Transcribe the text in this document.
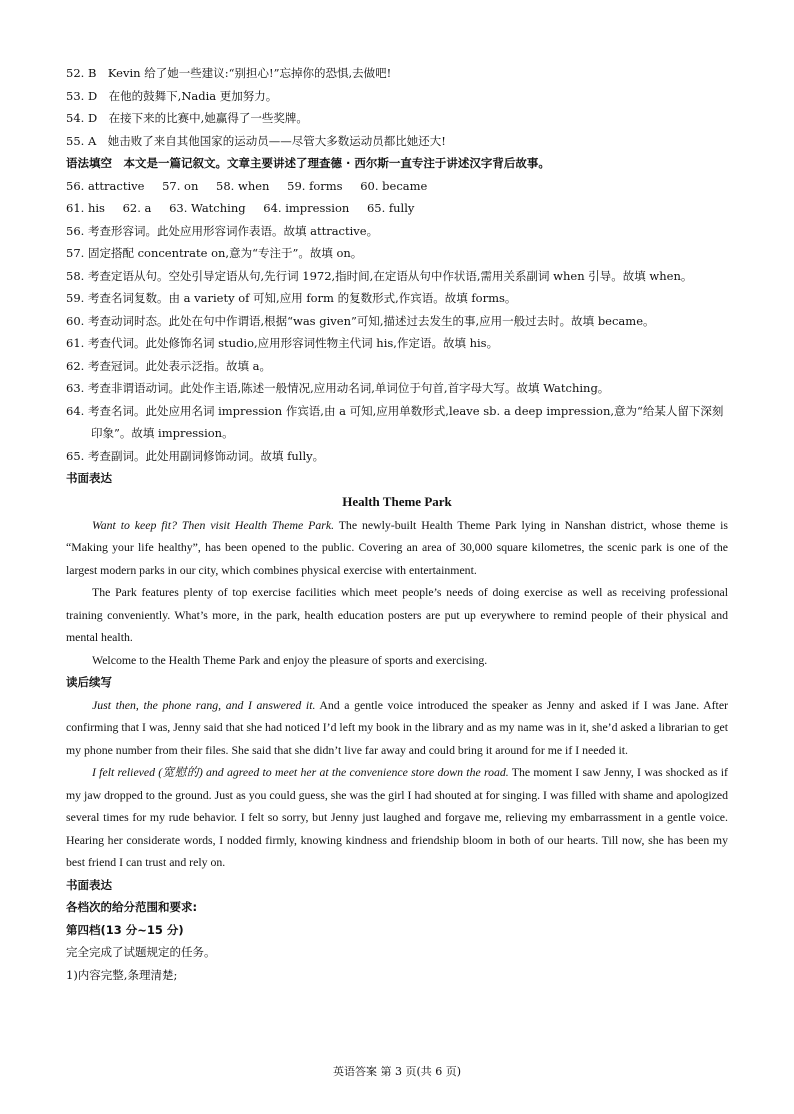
52. B　Kevin 给了她一些建议:“别担心!”忘掉你的恐惧,去做吧!
53. D　在他的鼓舞下,Nadia 更加努力。
54. D　在接下来的比赛中,她赢得了一些奖牌。
55. A　她击败了来自其他国家的运动员——尽管大多数运动员都比她还大!
语法填空　本文是一篇记叙文。文章主要讲述了理查德 · 西尔斯一直专注于讲述汉字背后故事。
56. attractive 57. on 58. when 59. forms 60. became
61. his 62. a 63. Watching 64. impression 65. fully
56. 考查形容词。此处应用形容词作表语。故填 attractive。
57. 固定搭配 concentrate on,意为“专注于”。故填 on。
58. 考查定语从句。空处引导定语从句,先行词 1972,指时间,在定语从句中作状语,需用关系副词 when 引导。故填 when。
59. 考查名词复数。由 a variety of 可知,应用 form 的复数形式,作宾语。故填 forms。
60. 考查动词时态。此处在句中作谓语,根据“was given”可知,描述过去发生的事,应用一般过去时。故填 became。
61. 考查代词。此处修饰名词 studio,应用形容词性物主代词 his,作定语。故填 his。
62. 考查冠词。此处表示泛指。故填 a。
63. 考查非谓语动词。此处作主语,陈述一般情况,应用动名词,单词位于句首,首字母大写。故填 Watching。
64. 考查名词。此处应用名词 impression 作宾语,由 a 可知,应用单数形式,leave sb. a deep impression,意为“给某人留下深刻印象”。故填 impression。
65. 考查副词。此处用副词修饰动词。故填 fully。
书面表达
Health Theme Park
Want to keep fit? Then visit Health Theme Park. The newly-built Health Theme Park lying in Nanshan district, whose theme is “Making your life healthy”, has been opened to the public. Covering an area of 30,000 square kilometres, the scenic park is one of the largest modern parks in our city, which combines physical exercise with entertainment.
The Park features plenty of top exercise facilities which meet people’s needs of doing exercise as well as receiving professional training conveniently. What’s more, in the park, health education posters are put up everywhere to remind people of their physical and mental health.
Welcome to the Health Theme Park and enjoy the pleasure of sports and exercising.
读后续写
Just then, the phone rang, and I answered it. And a gentle voice introduced the speaker as Jenny and asked if I was Jane. After confirming that I was, Jenny said that she had noticed I’d left my book in the library and as my name was in it, she’d asked a librarian to get my phone number from their files. She said that she didn’t live far away and could bring it around for me if I needed it.
I felt relieved (宽慰的) and agreed to meet her at the convenience store down the road. The moment I saw Jenny, I was shocked as if my jaw dropped to the ground. Just as you could guess, she was the girl I had shouted at for singing. I was filled with shame and apologized several times for my rude behavior. I felt so sorry, but Jenny just laughed and forgave me, relieving my embarrassment in a gentle voice. Hearing her considerate words, I nodded firmly, knowing kindness and friendship bloom in both of our hearts. Till now, she has been my best friend I can trust and rely on.
书面表达
各档次的给分范围和要求:
第四档(13 分~15 分)
完全完成了试题规定的任务。
1)内容完整,条理清楚;
英语答案 第 3 页(共 6 页)
